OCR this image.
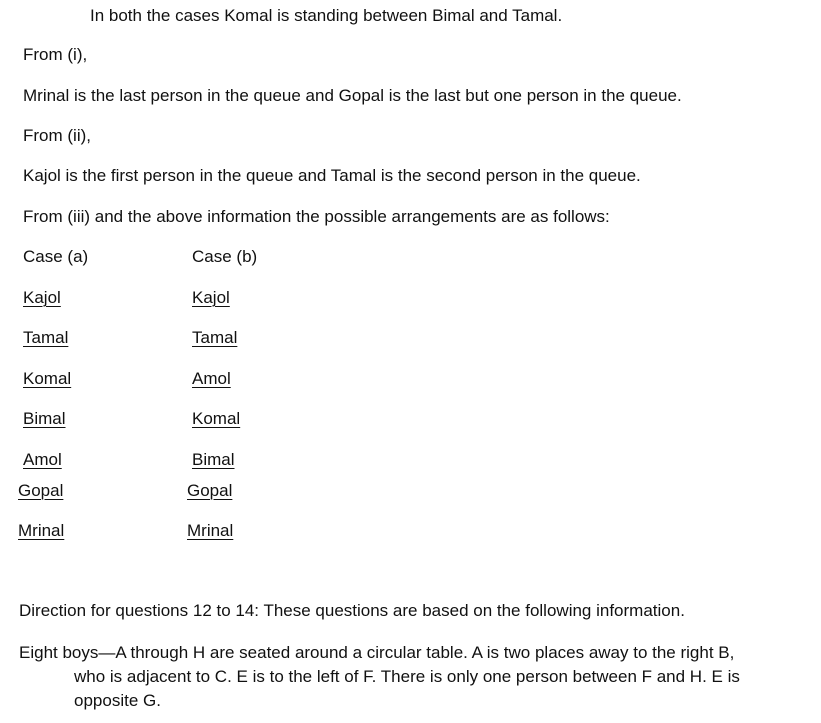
In both the cases Komal is standing between Bimal and Tamal.
From (i),
Mrinal is the last person in the queue and Gopal is the last but one person in the queue.
From (ii),
Kajol is the first person in the queue and Tamal is the second person in the queue.
From (iii) and the above information the possible arrangements are as follows:
Case (a)	Case (b)
Kajol
Tamal
Komal
Bimal
Amol
Gopal
Mrinal
Kajol
Tamal
Amol
Komal
Bimal
Gopal
Mrinal
Direction for questions 12 to 14: These questions are based on the following information.
Eight boys—A through H are seated around a circular table. A is two places away to the right B,
who is adjacent to C. E is to the left of F. There is only one person between F and H. E is
opposite G.
